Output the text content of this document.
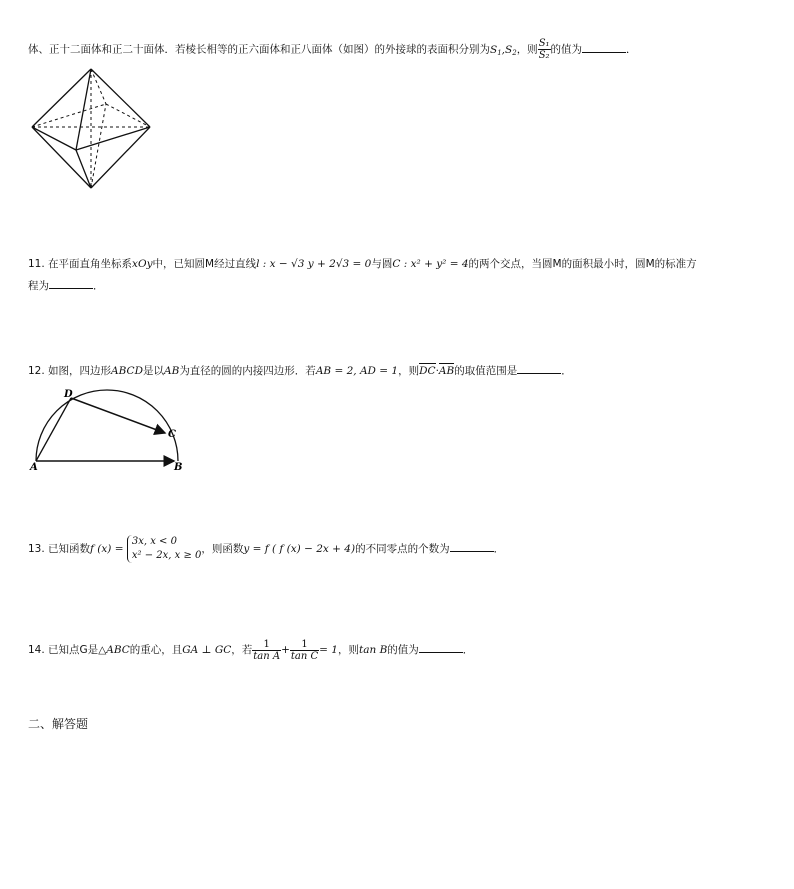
体、正十二面体和正二十面体．若棱长相等的正六面体和正八面体（如图）的外接球的表面积分别为$S_1,S_2$，则 $\frac{\text{S₁}}{\text{S₂}}$ 的值为	．
11. 在平面直角坐标系xOy中，已知圆M经过直线l : x − √3 y + 2√3 = 0与圆C : x² + y² = 4的两个交点，当圆M的面积最小时，圆M的标准方
程为	．
12. 如图，四边形ABCD是以AB为直径的圆的内接四边形．若AB = 2, AD = 1，则DC·AB的取值范围是	．
A	B
C
D
13. 已知函数f (x) =
3x, x < 0
x² − 2x, x ≥ 0
，则函数y = f ( f (x) − 2x + 4)的不同零点的个数为	．
14. 已知点G是△ABC的重心，且GA ⊥ GC，若 $\frac{1}{\text{tan A}} + \frac{1}{\text{tan C}} = 1$，则tan B的值为	．
二、解答题
